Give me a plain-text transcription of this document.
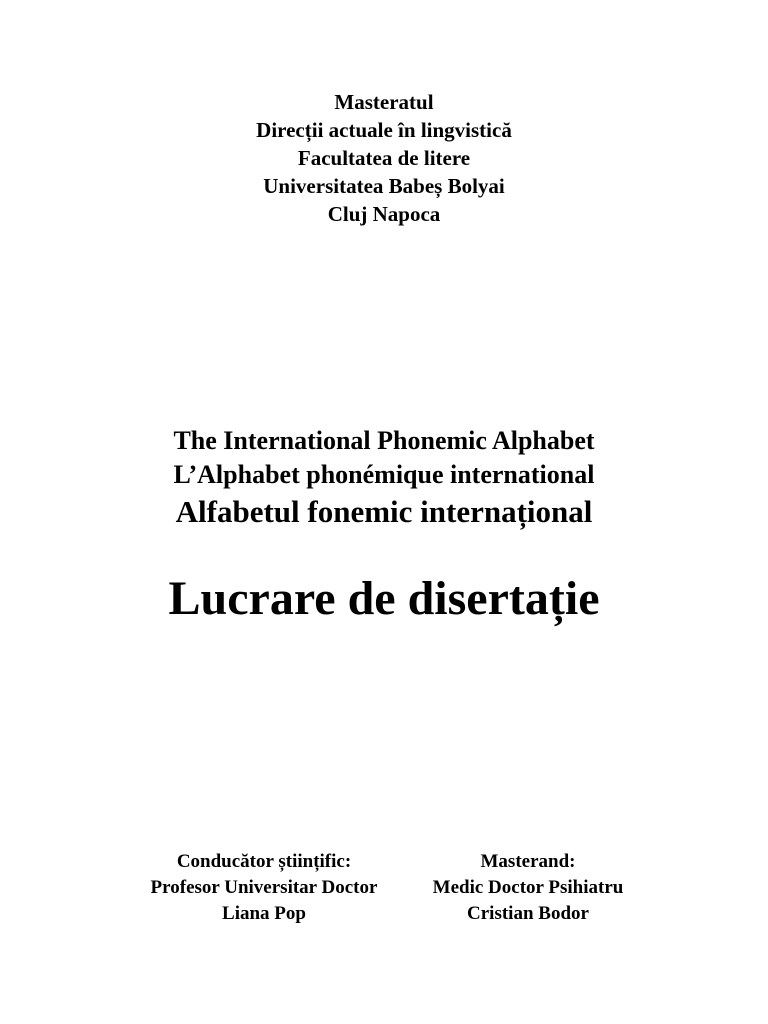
Masteratul
Direcții actuale în lingvistică
Facultatea de litere
Universitatea Babeș Bolyai
Cluj Napoca
The International Phonemic Alphabet
L’Alphabet phonémique international
Alfabetul fonemic internațional
Lucrare de disertație
Conducător științific:
Profesor Universitar Doctor
Liana Pop
Masterand:
Medic Doctor Psihiatru
Cristian Bodor
